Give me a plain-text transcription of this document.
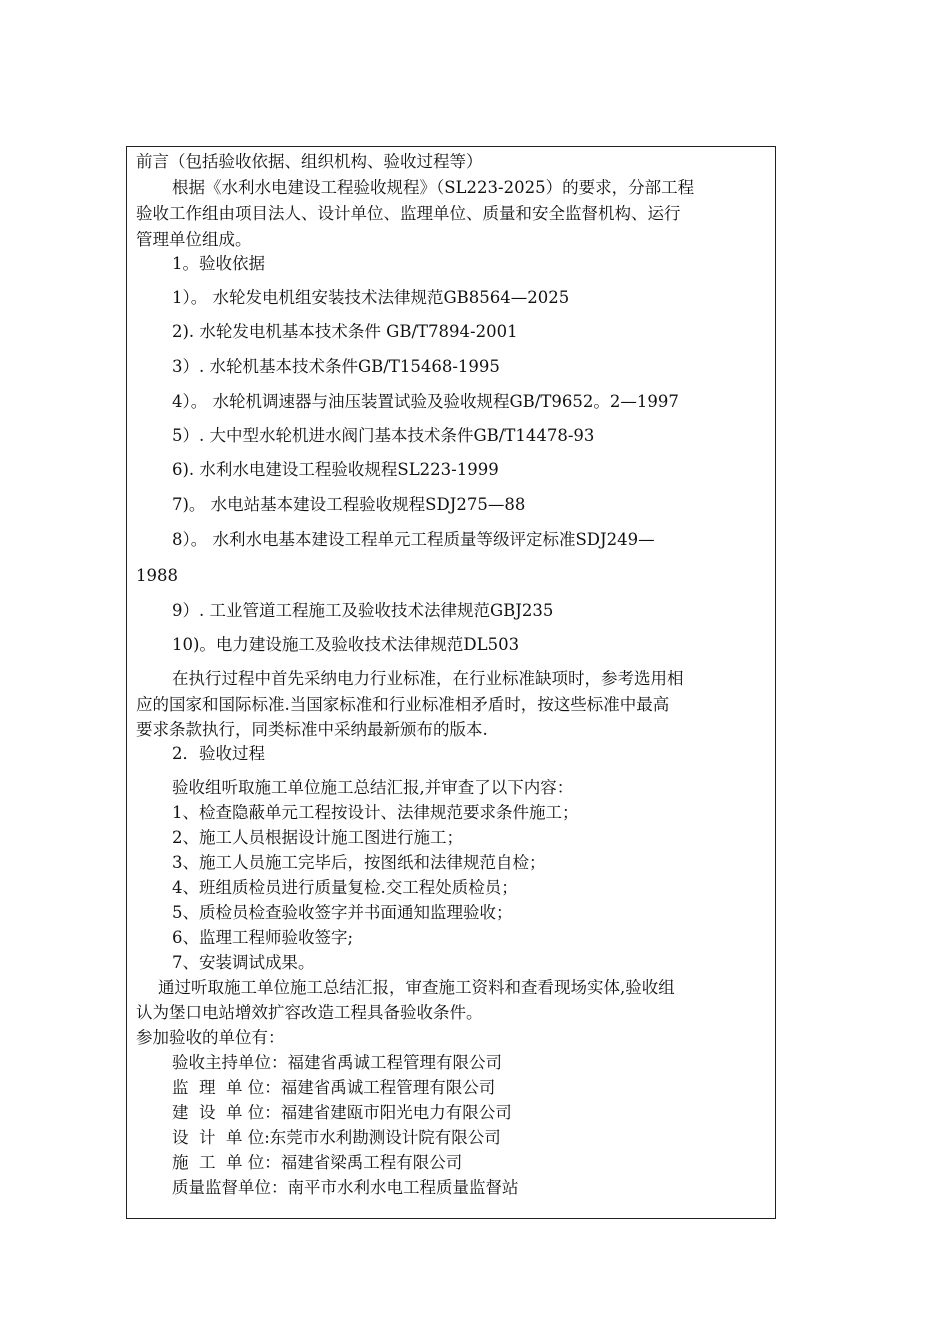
前言（包括验收依据、组织机构、验收过程等）
根据《水利水电建设工程验收规程》（SL223-2025）的要求，分部工程
验收工作组由项目法人、设计单位、监理单位、质量和安全监督机构、运行
管理单位组成。
1。验收依据
1）。 水轮发电机组安装技术法律规范GB8564—2025
2). 水轮发电机基本技术条件 GB/T7894-2001
3）. 水轮机基本技术条件GB/T15468-1995
4）。 水轮机调速器与油压装置试验及验收规程GB/T9652。2—1997
5）. 大中型水轮机进水阀门基本技术条件GB/T14478-93
6). 水利水电建设工程验收规程SL223-1999
7)。 水电站基本建设工程验收规程SDJ275—88
8）。 水利水电基本建设工程单元工程质量等级评定标准SDJ249—
1988
9）. 工业管道工程施工及验收技术法律规范GBJ235
10)。电力建设施工及验收技术法律规范DL503
在执行过程中首先采纳电力行业标准，在行业标准缺项时，参考选用相
应的国家和国际标准.当国家标准和行业标准相矛盾时，按这些标准中最高
要求条款执行，同类标准中采纳最新颁布的版本.
2．验收过程
验收组听取施工单位施工总结汇报,并审查了以下内容：
1、检查隐蔽单元工程按设计、法律规范要求条件施工；
2、施工人员根据设计施工图进行施工；
3、施工人员施工完毕后，按图纸和法律规范自检；
4、班组质检员进行质量复检.交工程处质检员；
5、质检员检查验收签字并书面通知监理验收；
6、监理工程师验收签字;
7、安装调试成果。
通过听取施工单位施工总结汇报，审查施工资料和查看现场实体,验收组
认为堡口电站增效扩容改造工程具备验收条件。
参加验收的单位有：
验收主持单位：福建省禹诚工程管理有限公司
监  理  单 位：福建省禹诚工程管理有限公司
建  设  单 位：福建省建瓯市阳光电力有限公司
设  计  单 位:东莞市水利勘测设计院有限公司
施  工  单 位：福建省梁禹工程有限公司
质量监督单位：南平市水利水电工程质量监督站
